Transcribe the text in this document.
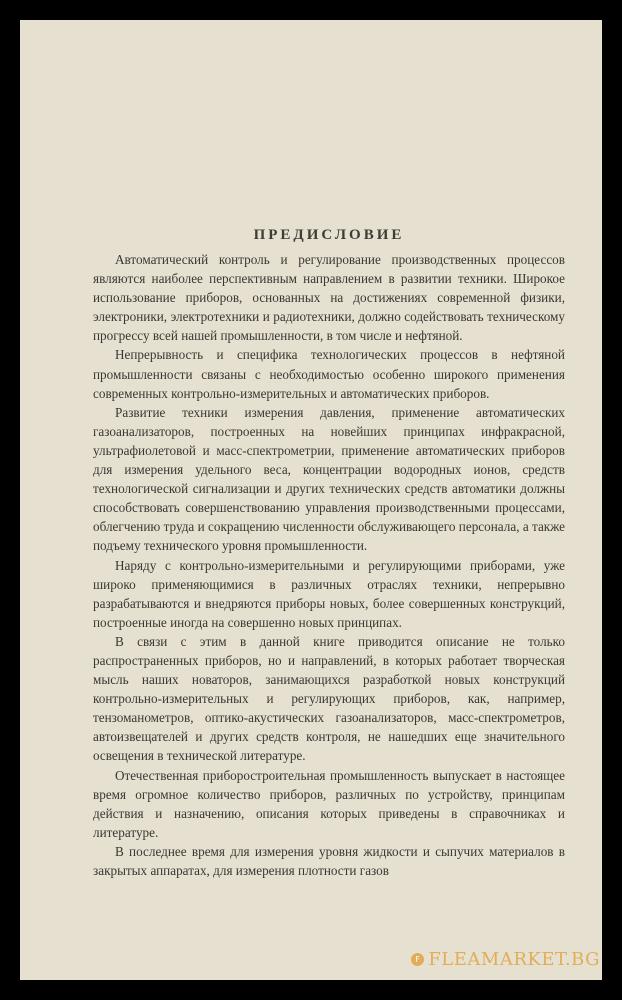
ПРЕДИСЛОВИЕ

Автоматический контроль и регулирование производственных процессов являются наиболее перспективным направлением в развитии техники. Широкое использование приборов, основанных на достижениях современной физики, электроники, электротехники и радиотехники, должно содействовать техническому прогрессу всей нашей промышленности, в том числе и нефтяной.

Непрерывность и специфика технологических процессов в нефтяной промышленности связаны с необходимостью особенно широкого применения современных контрольно-измерительных и автоматических приборов.

Развитие техники измерения давления, применение автоматических газоанализаторов, построенных на новейших принципах инфракрасной, ультрафиолетовой и масс-спектрометрии, применение автоматических приборов для измерения удельного веса, концентрации водородных ионов, средств технологической сигнализации и других технических средств автоматики должны способствовать совершенствованию управления производственными процессами, облегчению труда и сокращению численности обслуживающего персонала, а также подъему технического уровня промышленности.

Наряду с контрольно-измерительными и регулирующими приборами, уже широко применяющимися в различных отраслях техники, непрерывно разрабатываются и внедряются приборы новых, более совершенных конструкций, построенные иногда на совершенно новых принципах.

В связи с этим в данной книге приводится описание не только распространенных приборов, но и направлений, в которых работает творческая мысль наших новаторов, занимающихся разработкой новых конструкций контрольно-измерительных и регулирующих приборов, как, например, тензоманометров, оптико-акустических газоанализаторов, масс-спектрометров, автоизвещателей и других средств контроля, не нашедших еще значительного освещения в технической литературе.

Отечественная приборостроительная промышленность выпускает в настоящее время огромное количество приборов, различных по устройству, принципам действия и назначению, описания которых приведены в справочниках и литературе.

В последнее время для измерения уровня жидкости и сыпучих материалов в закрытых аппаратах, для измерения плотности газов

F FLEAMARKET.BG
